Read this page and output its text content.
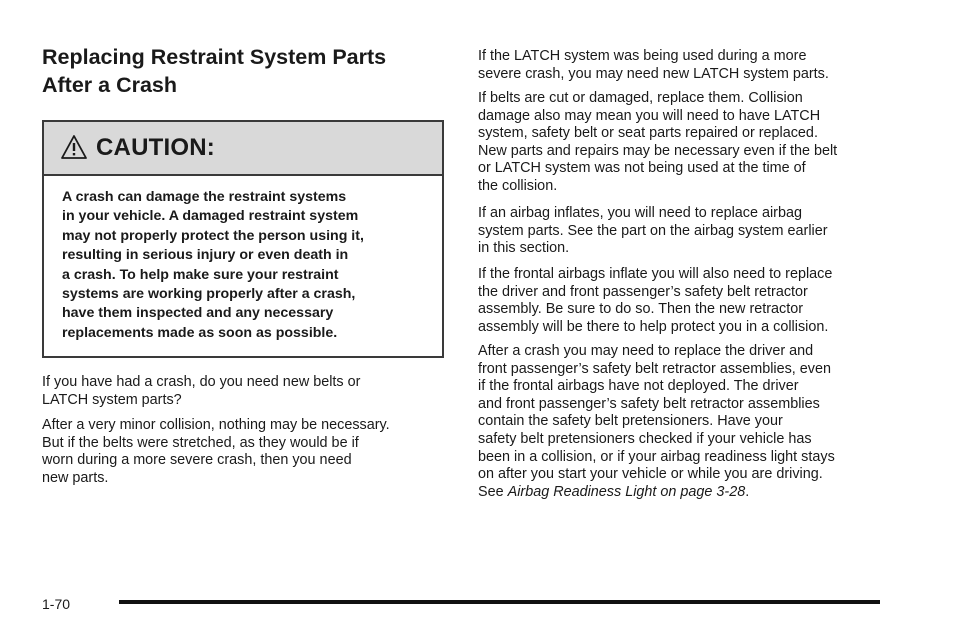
Replacing Restraint System Parts
After a Crash
CAUTION:
A crash can damage the restraint systems
in your vehicle. A damaged restraint system
may not properly protect the person using it,
resulting in serious injury or even death in
a crash. To help make sure your restraint
systems are working properly after a crash,
have them inspected and any necessary
replacements made as soon as possible.

If you have had a crash, do you need new belts or
LATCH system parts?

After a very minor collision, nothing may be necessary.
But if the belts were stretched, as they would be if
worn during a more severe crash, then you need
new parts.

If the LATCH system was being used during a more
severe crash, you may need new LATCH system parts.

If belts are cut or damaged, replace them. Collision
damage also may mean you will need to have LATCH
system, safety belt or seat parts repaired or replaced.
New parts and repairs may be necessary even if the belt
or LATCH system was not being used at the time of
the collision.

If an airbag inflates, you will need to replace airbag
system parts. See the part on the airbag system earlier
in this section.

If the frontal airbags inflate you will also need to replace
the driver and front passenger’s safety belt retractor
assembly. Be sure to do so. Then the new retractor
assembly will be there to help protect you in a collision.

After a crash you may need to replace the driver and
front passenger’s safety belt retractor assemblies, even
if the frontal airbags have not deployed. The driver
and front passenger’s safety belt retractor assemblies
contain the safety belt pretensioners. Have your
safety belt pretensioners checked if your vehicle has
been in a collision, or if your airbag readiness light stays
on after you start your vehicle or while you are driving.
See Airbag Readiness Light on page 3-28.

1-70
